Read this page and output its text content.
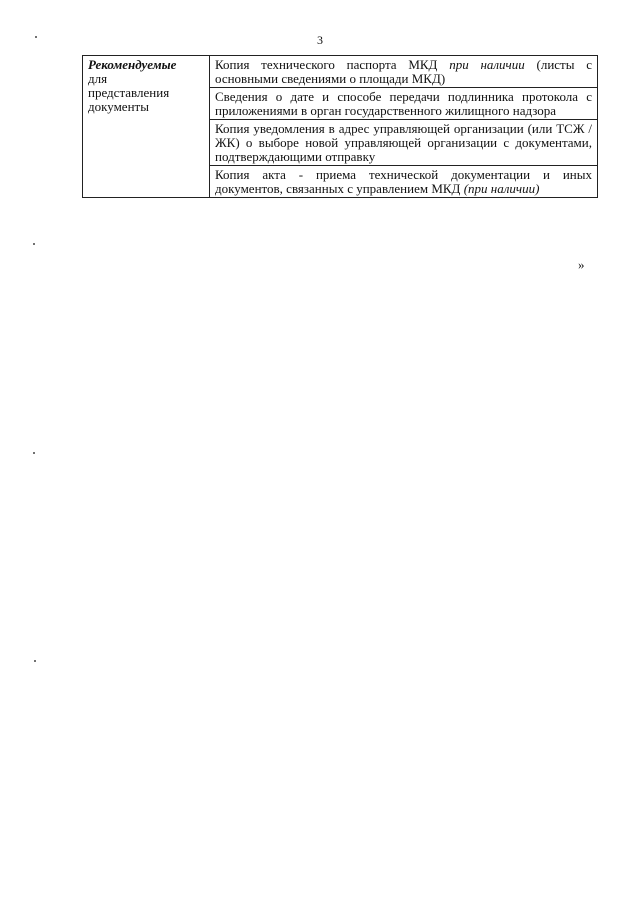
3
Рекомендуемые
для
представления
документы	Копия технического паспорта МКД при наличии (листы с основными сведениями о площади МКД)
Сведения о дате и способе передачи подлинника протокола с приложениями в орган государственного жилищного надзора
Копия уведомления в адрес управляющей организации (или ТСЖ / ЖК) о выборе новой управляющей организации с документами, подтверждающими отправку
Копия акта - приема технической документации и иных документов, связанных с управлением МКД (при наличии)
»
